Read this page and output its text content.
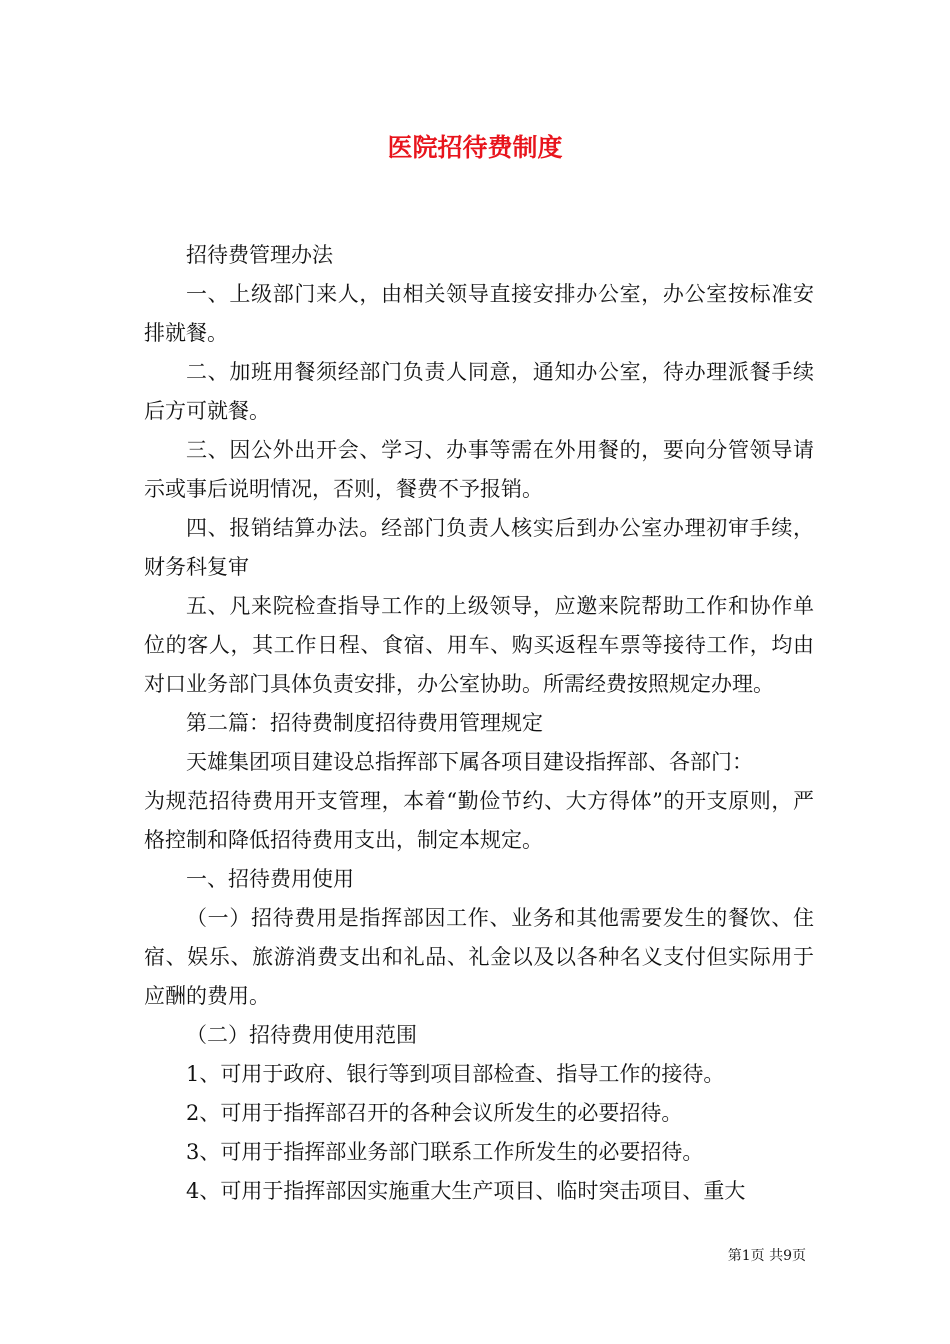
医院招待费制度

招待费管理办法

一、上级部门来人，由相关领导直接安排办公室，办公室按标准安排就餐。

二、加班用餐须经部门负责人同意，通知办公室，待办理派餐手续后方可就餐。

三、因公外出开会、学习、办事等需在外用餐的，要向分管领导请示或事后说明情况，否则，餐费不予报销。

四、报销结算办法。经部门负责人核实后到办公室办理初审手续，财务科复审

五、凡来院检查指导工作的上级领导，应邀来院帮助工作和协作单位的客人，其工作日程、食宿、用车、购买返程车票等接待工作，均由对口业务部门具体负责安排，办公室协助。所需经费按照规定办理。

第二篇：招待费制度招待费用管理规定

天雄集团项目建设总指挥部下属各项目建设指挥部、各部门：

为规范招待费用开支管理，本着“勤俭节约、大方得体”的开支原则，严格控制和降低招待费用支出，制定本规定。

一、招待费用使用

（一）招待费用是指挥部因工作、业务和其他需要发生的餐饮、住宿、娱乐、旅游消费支出和礼品、礼金以及以各种名义支付但实际用于应酬的费用。

（二）招待费用使用范围

1、可用于政府、银行等到项目部检查、指导工作的接待。

2、可用于指挥部召开的各种会议所发生的必要招待。

3、可用于指挥部业务部门联系工作所发生的必要招待。

4、可用于指挥部因实施重大生产项目、临时突击项目、重大

第1页 共9页
